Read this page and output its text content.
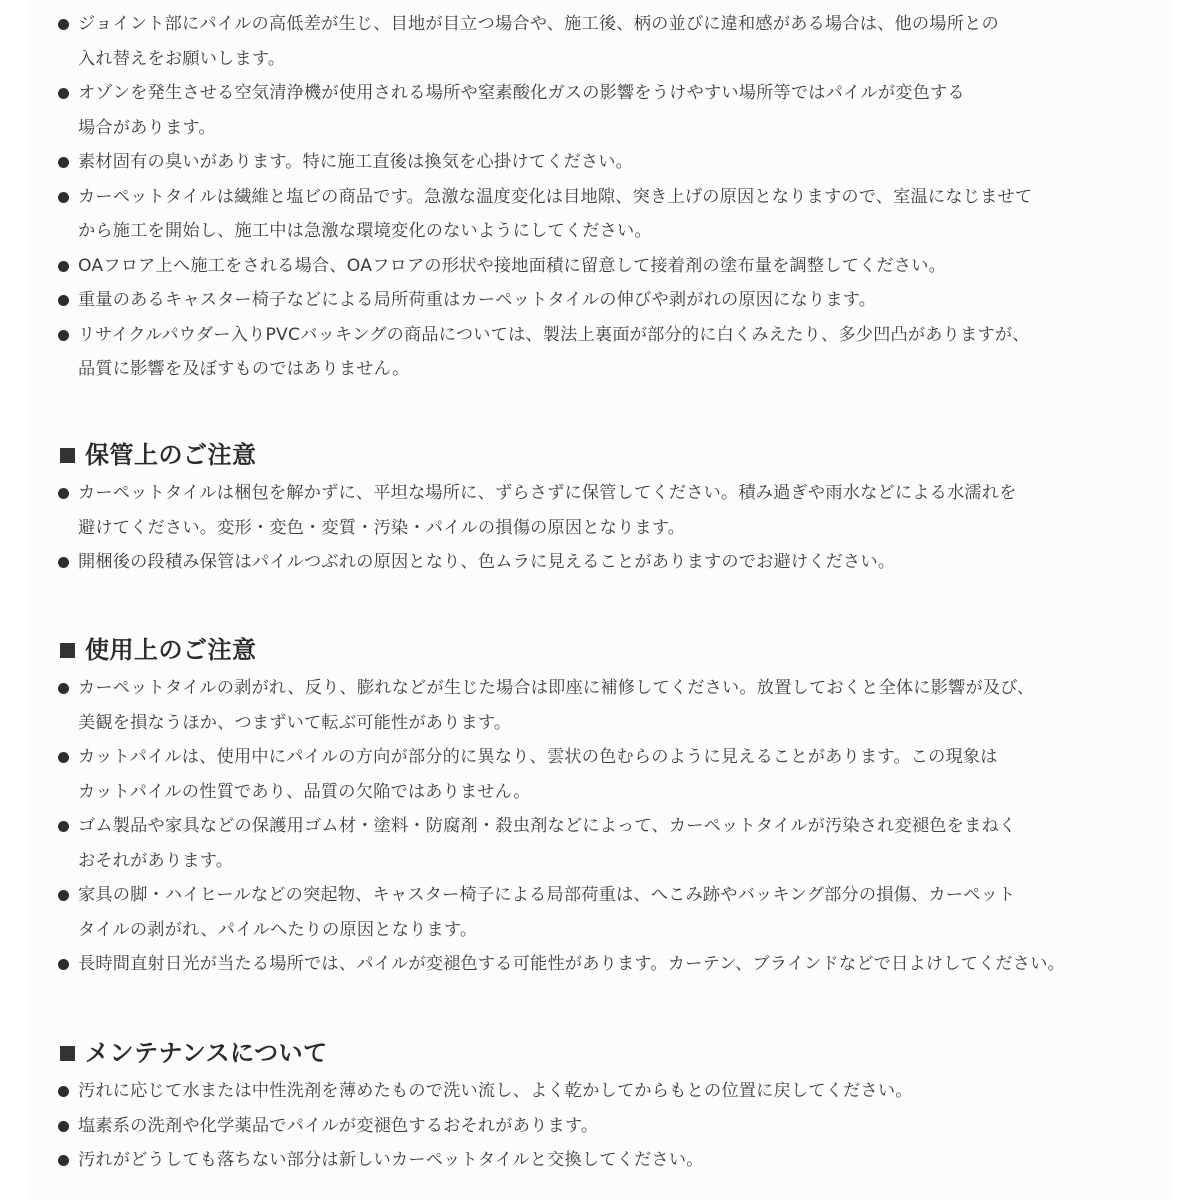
ジョイント部にパイルの高低差が生じ、目地が目立つ場合や、施工後、柄の並びに違和感がある場合は、他の場所との
入れ替えをお願いします。
オゾンを発生させる空気清浄機が使用される場所や窒素酸化ガスの影響をうけやすい場所等ではパイルが変色する
場合があります。
素材固有の臭いがあります。特に施工直後は換気を心掛けてください。
カーペットタイルは繊維と塩ビの商品です。急激な温度変化は目地隙、突き上げの原因となりますので、室温になじませて
から施工を開始し、施工中は急激な環境変化のないようにしてください。
OAフロア上へ施工をされる場合、OAフロアの形状や接地面積に留意して接着剤の塗布量を調整してください。
重量のあるキャスター椅子などによる局所荷重はカーペットタイルの伸びや剥がれの原因になります。
リサイクルパウダー入りPVCバッキングの商品については、製法上裏面が部分的に白くみえたり、多少凹凸がありますが、
品質に影響を及ぼすものではありません。
保管上のご注意
カーペットタイルは梱包を解かずに、平坦な場所に、ずらさずに保管してください。積み過ぎや雨水などによる水濡れを
避けてください。変形・変色・変質・汚染・パイルの損傷の原因となります。
開梱後の段積み保管はパイルつぶれの原因となり、色ムラに見えることがありますのでお避けください。
使用上のご注意
カーペットタイルの剥がれ、反り、膨れなどが生じた場合は即座に補修してください。放置しておくと全体に影響が及び、
美観を損なうほか、つまずいて転ぶ可能性があります。
カットパイルは、使用中にパイルの方向が部分的に異なり、雲状の色むらのように見えることがあります。この現象は
カットパイルの性質であり、品質の欠陥ではありません。
ゴム製品や家具などの保護用ゴム材・塗料・防腐剤・殺虫剤などによって、カーペットタイルが汚染され変褪色をまねく
おそれがあります。
家具の脚・ハイヒールなどの突起物、キャスター椅子による局部荷重は、へこみ跡やバッキング部分の損傷、カーペット
タイルの剥がれ、パイルへたりの原因となります。
長時間直射日光が当たる場所では、パイルが変褪色する可能性があります。カーテン、ブラインドなどで日よけしてください。
メンテナンスについて
汚れに応じて水または中性洗剤を薄めたもので洗い流し、よく乾かしてからもとの位置に戻してください。
塩素系の洗剤や化学薬品でパイルが変褪色するおそれがあります。
汚れがどうしても落ちない部分は新しいカーペットタイルと交換してください。
